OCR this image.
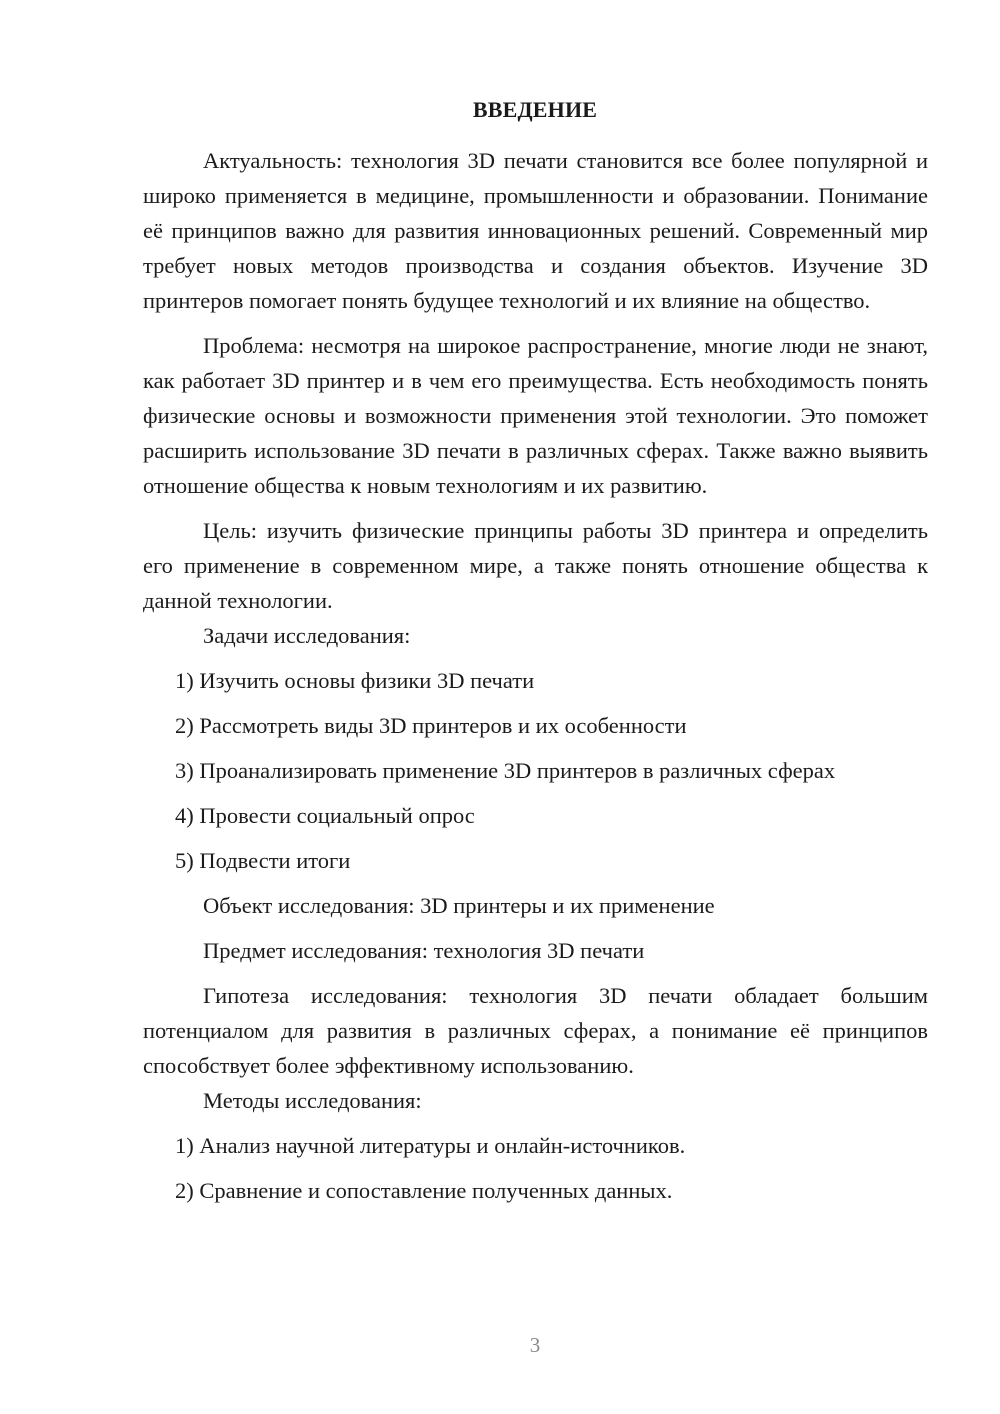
ВВЕДЕНИЕ

Актуальность: технология 3D печати становится все более популярной и широко применяется в медицине, промышленности и образовании. Понимание её принципов важно для развития инновационных решений. Современный мир требует новых методов производства и создания объектов. Изучение 3D принтеров помогает понять будущее технологий и их влияние на общество.

Проблема: несмотря на широкое распространение, многие люди не знают, как работает 3D принтер и в чем его преимущества. Есть необходимость понять физические основы и возможности применения этой технологии. Это поможет расширить использование 3D печати в различных сферах. Также важно выявить отношение общества к новым технологиям и их развитию.

Цель: изучить физические принципы работы 3D принтера и определить его применение в современном мире, а также понять отношение общества к данной технологии.

Задачи исследования:

1) Изучить основы физики 3D печати

2) Рассмотреть виды 3D принтеров и их особенности

3) Проанализировать применение 3D принтеров в различных сферах

4) Провести социальный опрос

5) Подвести итоги

Объект исследования: 3D принтеры и их применение

Предмет исследования: технология 3D печати

Гипотеза исследования: технология 3D печати обладает большим потенциалом для развития в различных сферах, а понимание её принципов способствует более эффективному использованию.

Методы исследования:

1) Анализ научной литературы и онлайн-источников.

2) Сравнение и сопоставление полученных данных.

3
